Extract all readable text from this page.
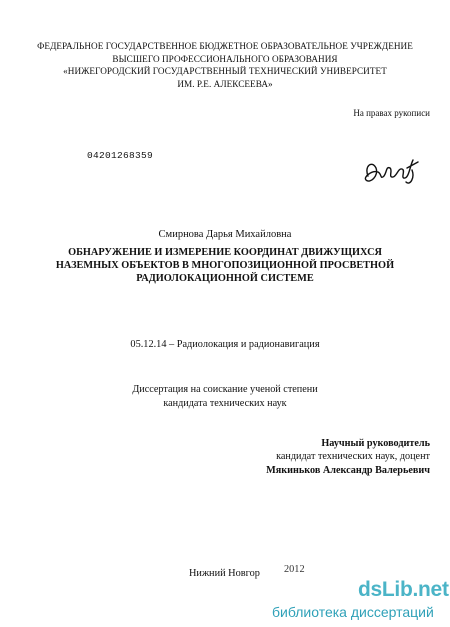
ФЕДЕРАЛЬНОЕ ГОСУДАРСТВЕННОЕ БЮДЖЕТНОЕ ОБРАЗОВАТЕЛЬНОЕ УЧРЕЖДЕНИЕ
ВЫСШЕГО ПРОФЕССИОНАЛЬНОГО ОБРАЗОВАНИЯ
«НИЖЕГОРОДСКИЙ ГОСУДАРСТВЕННЫЙ ТЕХНИЧЕСКИЙ УНИВЕРСИТЕТ
ИМ. Р.Е. АЛЕКСЕЕВА»
На правах рукописи
04201268359
Смирнова Дарья Михайловна
ОБНАРУЖЕНИЕ И ИЗМЕРЕНИЕ КООРДИНАТ ДВИЖУЩИХСЯ
НАЗЕМНЫХ ОБЪЕКТОВ В МНОГОПОЗИЦИОННОЙ ПРОСВЕТНОЙ
РАДИОЛОКАЦИОННОЙ СИСТЕМЕ
05.12.14 – Радиолокация и радионавигация
Диссертация на соискание ученой степени
кандидата технических наук
Научный руководитель
кандидат технических наук, доцент
Мякиньков Александр Валерьевич
Нижний Новгор 2012
dsLib.net
библиотека диссертаций
